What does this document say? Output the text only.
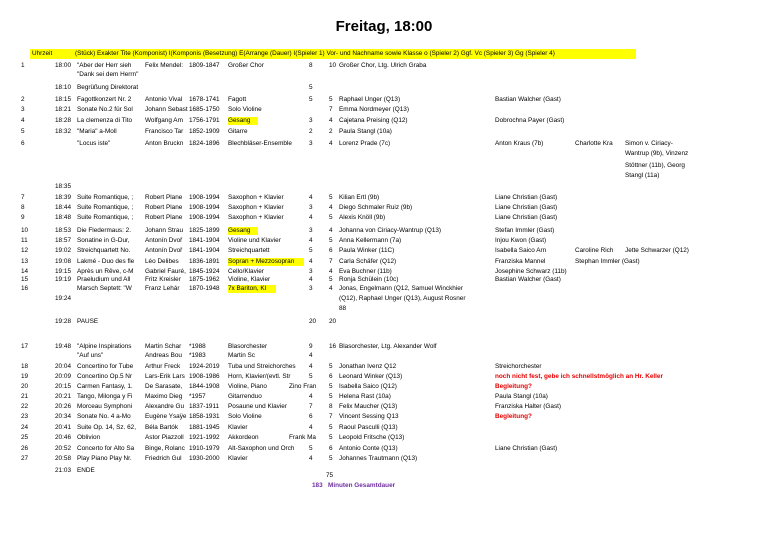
Freitag, 18:00
Uhrzeit	(Stück) Exakter Tite (Komponist) I(Komponis (Besetzung) E(Arrange (Dauer) I(Spieler 1) Vor- und Nachname sowie Klasse o (Spieler 2) Ggf. Vc (Spieler 3) Gg (Spieler 4)
1	18:00 "Aber der Herr sieh	Felix Mendel: 1809-1847	Großer Chor	8	10 Großer Chor, Ltg. Ulrich Graba
"Dank sei dem Herrn"
18:10 Begrüßung Direktorat	5
2	18:15 Fagottkonzert Nr. 2	Antonio Vival	1678-1741	Fagott	5	5	Raphael Unger (Q13)	Bastian Walcher (Gast)
3	18:21 Sonate No.2 für Sol	Johann Sebast 1685-1750	Solo Violine	7	Emma Nordmeyer (Q13)
4	18:28 La clemenza di Tito	Wolfgang Am 1756-1791	Gesang	3	4	Cajetana Preising (Q12)	Dobrochna Payer (Gast)
5	18:32 "Maria" a-Moll	Francisco Tar 1852-1909	Gitarre	2	2	Paula Stangl (10a)
6	"Locus iste"	Anton Bruckn 1824-1896	Blechbläser-Ensemble	3	4	Lorenz Prade (7c)	Anton Kraus (7b)	Charlotte Kra	Simon v. Ciriacy-
Wantrup (9b), Vinzenz
Stöttner (11b), Georg
Stangl (11a)
18:35
7	18:39 Suite Romantique, ;	Robert Plane	1908-1994	Saxophon + Klavier	4	5	Kilian Ertl (9b)	Liane Christian (Gast)
8	18:44 Suite Romantique, ;	Robert Plane	1908-1994	Saxophon + Klavier	3	4	Diego Schmaler Ruiz (9b)	Liane Christian (Gast)
9	18:48 Suite Romantique, ;	Robert Plane	1908-1994	Saxophon + Klavier	4	5	Alexis Knöll (9b)	Liane Christian (Gast)
10	18:53 Die Fledermaus: 2.	Johann Strau 1825-1899	Gesang	3	4	Johanna von Ciriacy-Wantrup (Q13)	Stefan Immler (Gast)
11	18:57 Sonatine in G-Dur,	Antonín Dvoř	1841-1904	Violine und Klavier	4	5	Anna Kellermann (7a)	Injou Kwon (Gast)
12	19:02 Streichquartett No.	Antonín Dvoř	1841-1904	Streichquartett	5	6	Paula Winker (11C)	Isabella Saico Arn	Caroline Rich	Jette Schwarzer (Q12)
13	19:08 Lakmé - Duo des fle	Léo Delibes	1836-1891	Sopran + Mezzosopran	4	7	Carla Schäfer (Q12)	Franziska Mannel	Stephan Immler (Gast)
14	19:15 Après un Rêve, c-M	Gabriel Fauré, 1845-1924	Cello/Klavier	3	4	Eva Buchner (11b)	Josephine Schwarz (11b)
15	19:19 Praeludium und All	Fritz Kreisler	1875-1962	Violine, Klavier	4	5	Ronja Schülein (10c)	Bastian Walcher (Gast)
16	Marsch Septett: "W	Franz Lehár	1870-1948	7x Bariton, Kl	3	4	Jonas, Engelmann (Q12, Samuel Winckhier
19:24	(Q12), Raphael Unger (Q13), August Rosner
88
19:28 PAUSE	20	20
17	19:48 "Alpine Inspirations	Martin Schar	*1988	Blasorchester	9	16 Blasorchester, Ltg. Alexander Wolf
"Auf uns"	Andreas Bou	*1983	Martin Sc	4
18	20:04 Concertino for Tube	Arthur Freck	1924-2019	Tuba und Streichorches	4	5	Jonathan Ivenz Q12	Streichorchester
19	20:09 Concertino Op.5 Nr	Lars-Erik Lars 1908-1986	Horn, Klavier/(evtl. Str	5	6	Leonard Winker (Q13)	noch nicht fest, gebe ich schnellstmöglich an Hr. Keller
20	20:15 Carmen Fantasy, 1.	De Sarasate,	1844-1908	Violine, Piano	Zino Fran	5	Isabella Saico (Q12)	Begleitung?
21	20:21 Tango, Milonga y Fi	Maximo Dieg	*1957	Gitarrenduo	4	5	Helena Rast (10a)	Paula Stangl (10a)
22	20:26 Morceau Symphoni	Alexandre Gu 1837-1911	Posaune und Klavier	7	8	Felix Maucher (Q13)	Franziska Halter (Gast)
23	20:34 Sonate No. 4 a-Mo	Eugène Ysaÿe 1858-1931	Solo Violine	6	7	Vincent Sessing Q13	Begleitung?
24	20:41 Suite Op. 14, Sz. 62,	Béla Bartók	1881-1945	Klavier	4	5	Raoul Pasculli (Q13)
25	20:46 Oblivion	Astor Piazzoll 1921-1992	Akkordeon	Frank Ma	5	Leopold Fritsche (Q13)
26	20:52 Concerto for Alto Sa	Binge, Rolanc 1910-1979	Alt-Saxophon und Orch	5	6	Antonio Conte (Q13)	Liane Christian (Gast)
27	20:58 Play Piano Play Nr.	Friedrich Gul	1930-2000	Klavier	4	5	Johannes Trautmann (Q13)
21:03 ENDE
75
183 Minuten Gesamtdauer
